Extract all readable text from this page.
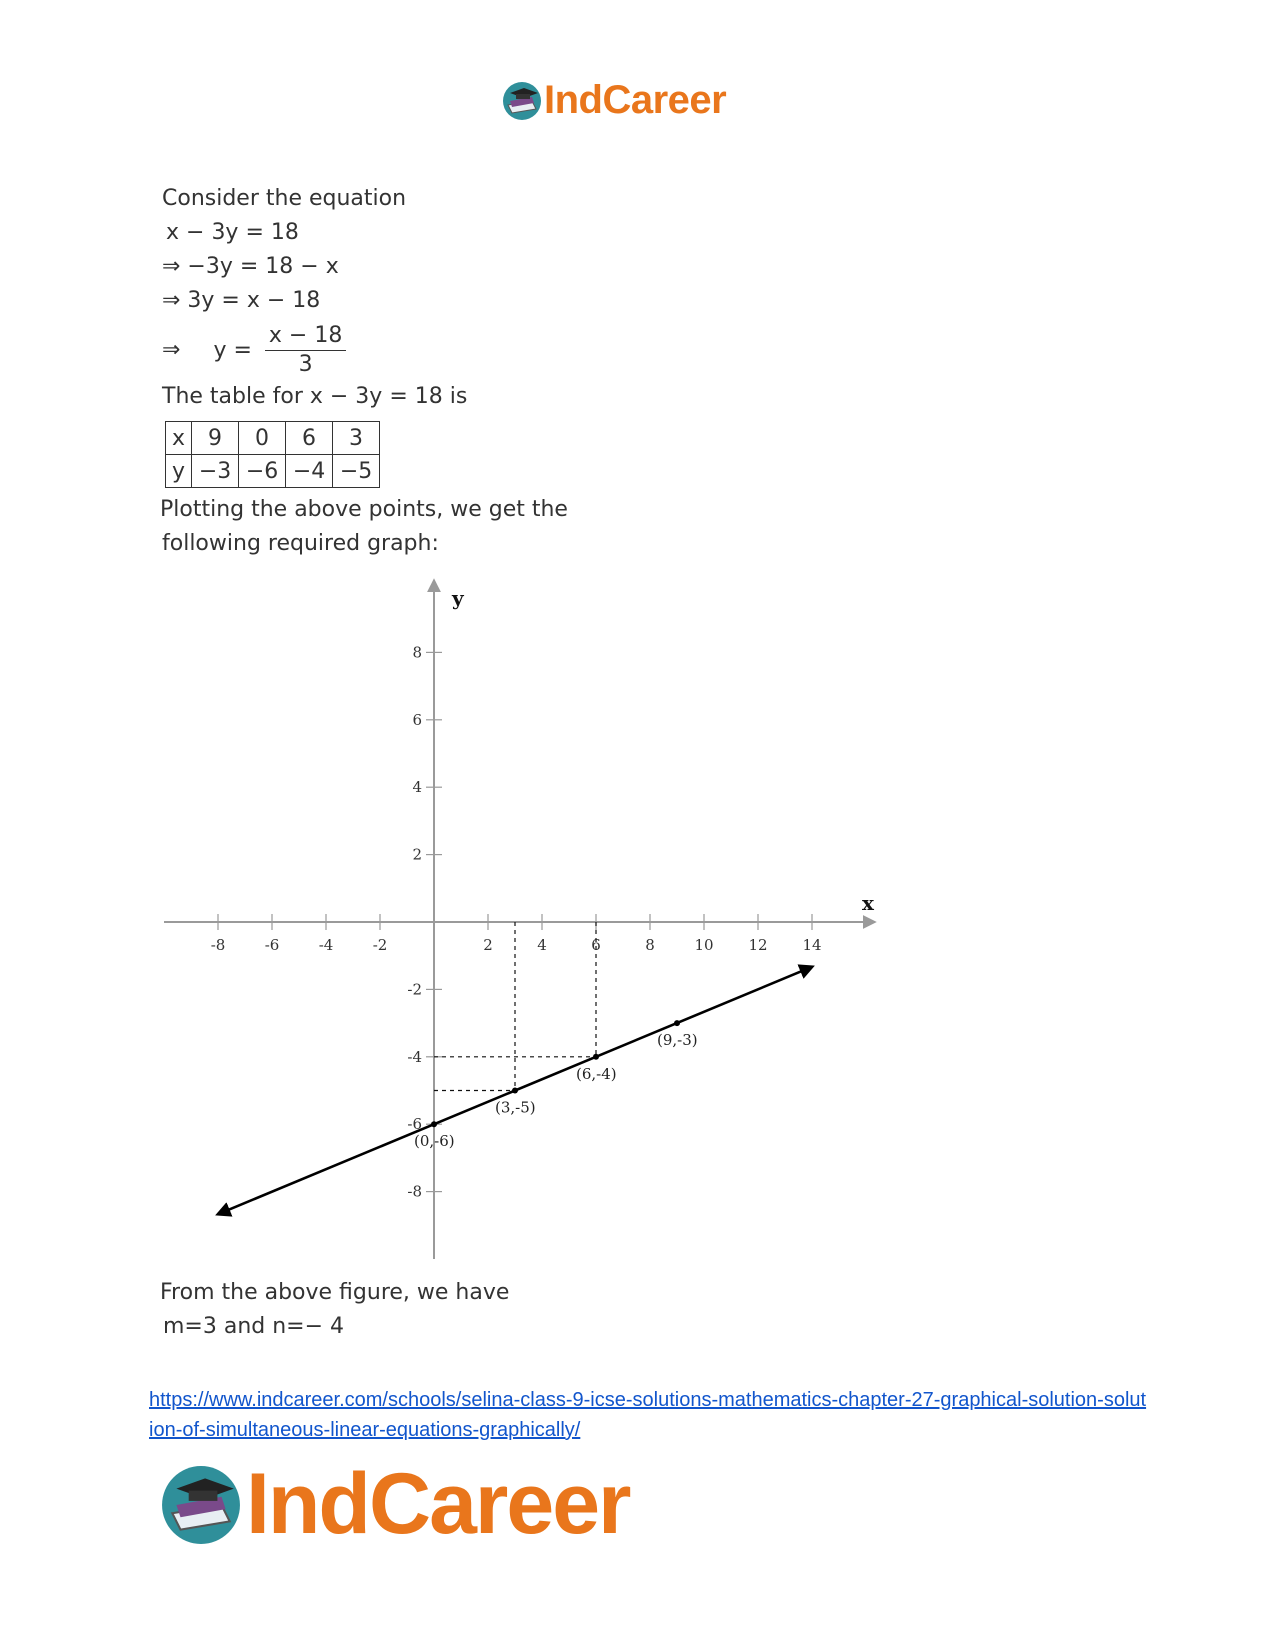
IndCareer
Consider the equation
x − 3y = 18
⇒ −3y = 18 − x
⇒ 3y = x − 18
⇒ $y = \frac{x - 18}{3}$
The table for x − 3y = 18 is
x	9	0	6	3
y	−3	−6	−4	−5
Plotting the above points, we get the
following required graph:
x
y
-8	-6	-4	-2	2	4	6	8	10 12 14
8
6
4
2
-2
-4
-6
-8
(9,-3)
(6,-4)
(3,-5)
(0,-6)
From the above figure, we have
m=3 and n=− 4
https://www.indcareer.com/schools/selina-class-9-icse-solutions-mathematics-chapter-27-graphical-solution-solution-of-simultaneous-linear-equations-graphically/
IndCareer
